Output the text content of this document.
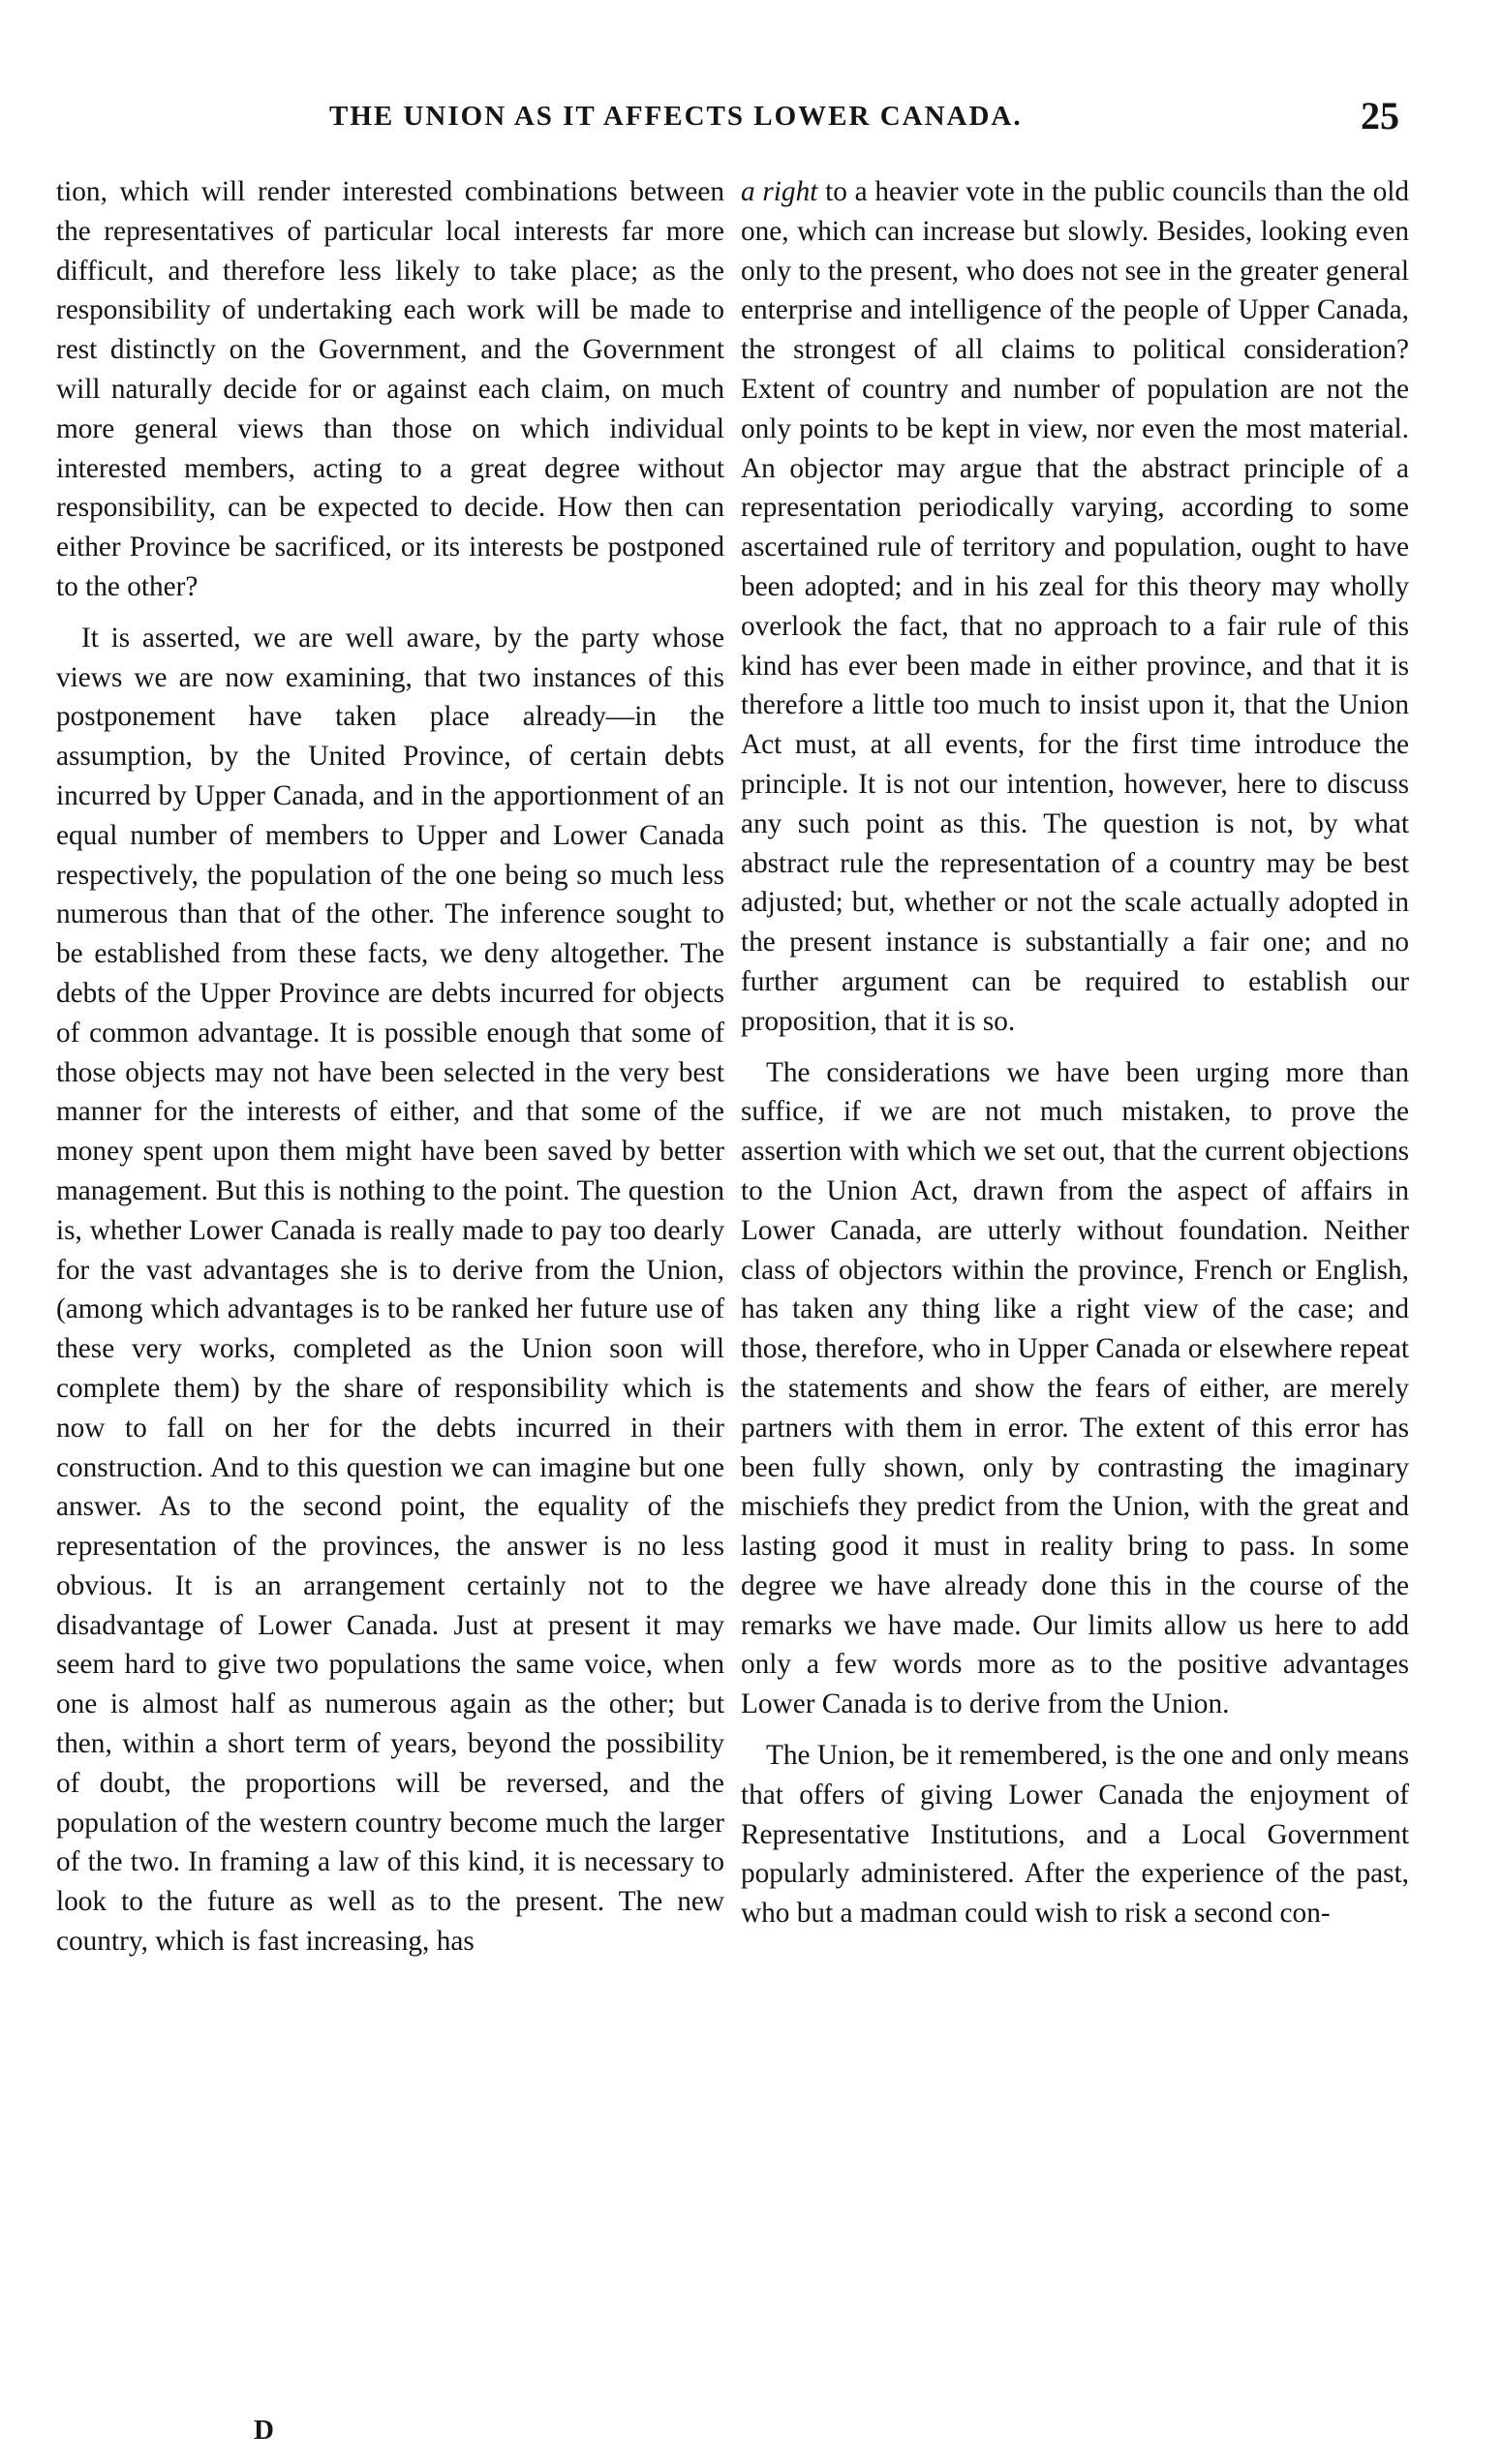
THE UNION AS IT AFFECTS LOWER CANADA.	25

tion, which will render interested combinations between the representatives of particular local interests far more difficult, and therefore less likely to take place; as the responsibility of undertaking each work will be made to rest distinctly on the Government, and the Government will naturally decide for or against each claim, on much more general views than those on which individual interested members, acting to a great degree without responsibility, can be expected to decide. How then can either Province be sacrificed, or its interests be postponed to the other?

It is asserted, we are well aware, by the party whose views we are now examining, that two instances of this postponement have taken place already—in the assumption, by the United Province, of certain debts incurred by Upper Canada, and in the apportionment of an equal number of members to Upper and Lower Canada respectively, the population of the one being so much less numerous than that of the other. The inference sought to be established from these facts, we deny altogether. The debts of the Upper Province are debts incurred for objects of common advantage. It is possible enough that some of those objects may not have been selected in the very best manner for the interests of either, and that some of the money spent upon them might have been saved by better management. But this is nothing to the point. The question is, whether Lower Canada is really made to pay too dearly for the vast advantages she is to derive from the Union, (among which advantages is to be ranked her future use of these very works, completed as the Union soon will complete them) by the share of responsibility which is now to fall on her for the debts incurred in their construction. And to this question we can imagine but one answer. As to the second point, the equality of the representation of the provinces, the answer is no less obvious. It is an arrangement certainly not to the disadvantage of Lower Canada. Just at present it may seem hard to give two populations the same voice, when one is almost half as numerous again as the other; but then, within a short term of years, beyond the possibility of doubt, the proportions will be reversed, and the population of the western country become much the larger of the two. In framing a law of this kind, it is necessary to look to the future as well as to the present. The new country, which is fast increasing, has

a right to a heavier vote in the public councils than the old one, which can increase but slowly. Besides, looking even only to the present, who does not see in the greater general enterprise and intelligence of the people of Upper Canada, the strongest of all claims to political consideration? Extent of country and number of population are not the only points to be kept in view, nor even the most material. An objector may argue that the abstract principle of a representation periodically varying, according to some ascertained rule of territory and population, ought to have been adopted; and in his zeal for this theory may wholly overlook the fact, that no approach to a fair rule of this kind has ever been made in either province, and that it is therefore a little too much to insist upon it, that the Union Act must, at all events, for the first time introduce the principle. It is not our intention, however, here to discuss any such point as this. The question is not, by what abstract rule the representation of a country may be best adjusted; but, whether or not the scale actually adopted in the present instance is substantially a fair one; and no further argument can be required to establish our proposition, that it is so.

The considerations we have been urging more than suffice, if we are not much mistaken, to prove the assertion with which we set out, that the current objections to the Union Act, drawn from the aspect of affairs in Lower Canada, are utterly without foundation. Neither class of objectors within the province, French or English, has taken any thing like a right view of the case; and those, therefore, who in Upper Canada or elsewhere repeat the statements and show the fears of either, are merely partners with them in error. The extent of this error has been fully shown, only by contrasting the imaginary mischiefs they predict from the Union, with the great and lasting good it must in reality bring to pass. In some degree we have already done this in the course of the remarks we have made. Our limits allow us here to add only a few words more as to the positive advantages Lower Canada is to derive from the Union.

The Union, be it remembered, is the one and only means that offers of giving Lower Canada the enjoyment of Representative Institutions, and a Local Government popularly administered. After the experience of the past, who but a madman could wish to risk a second con-

D
